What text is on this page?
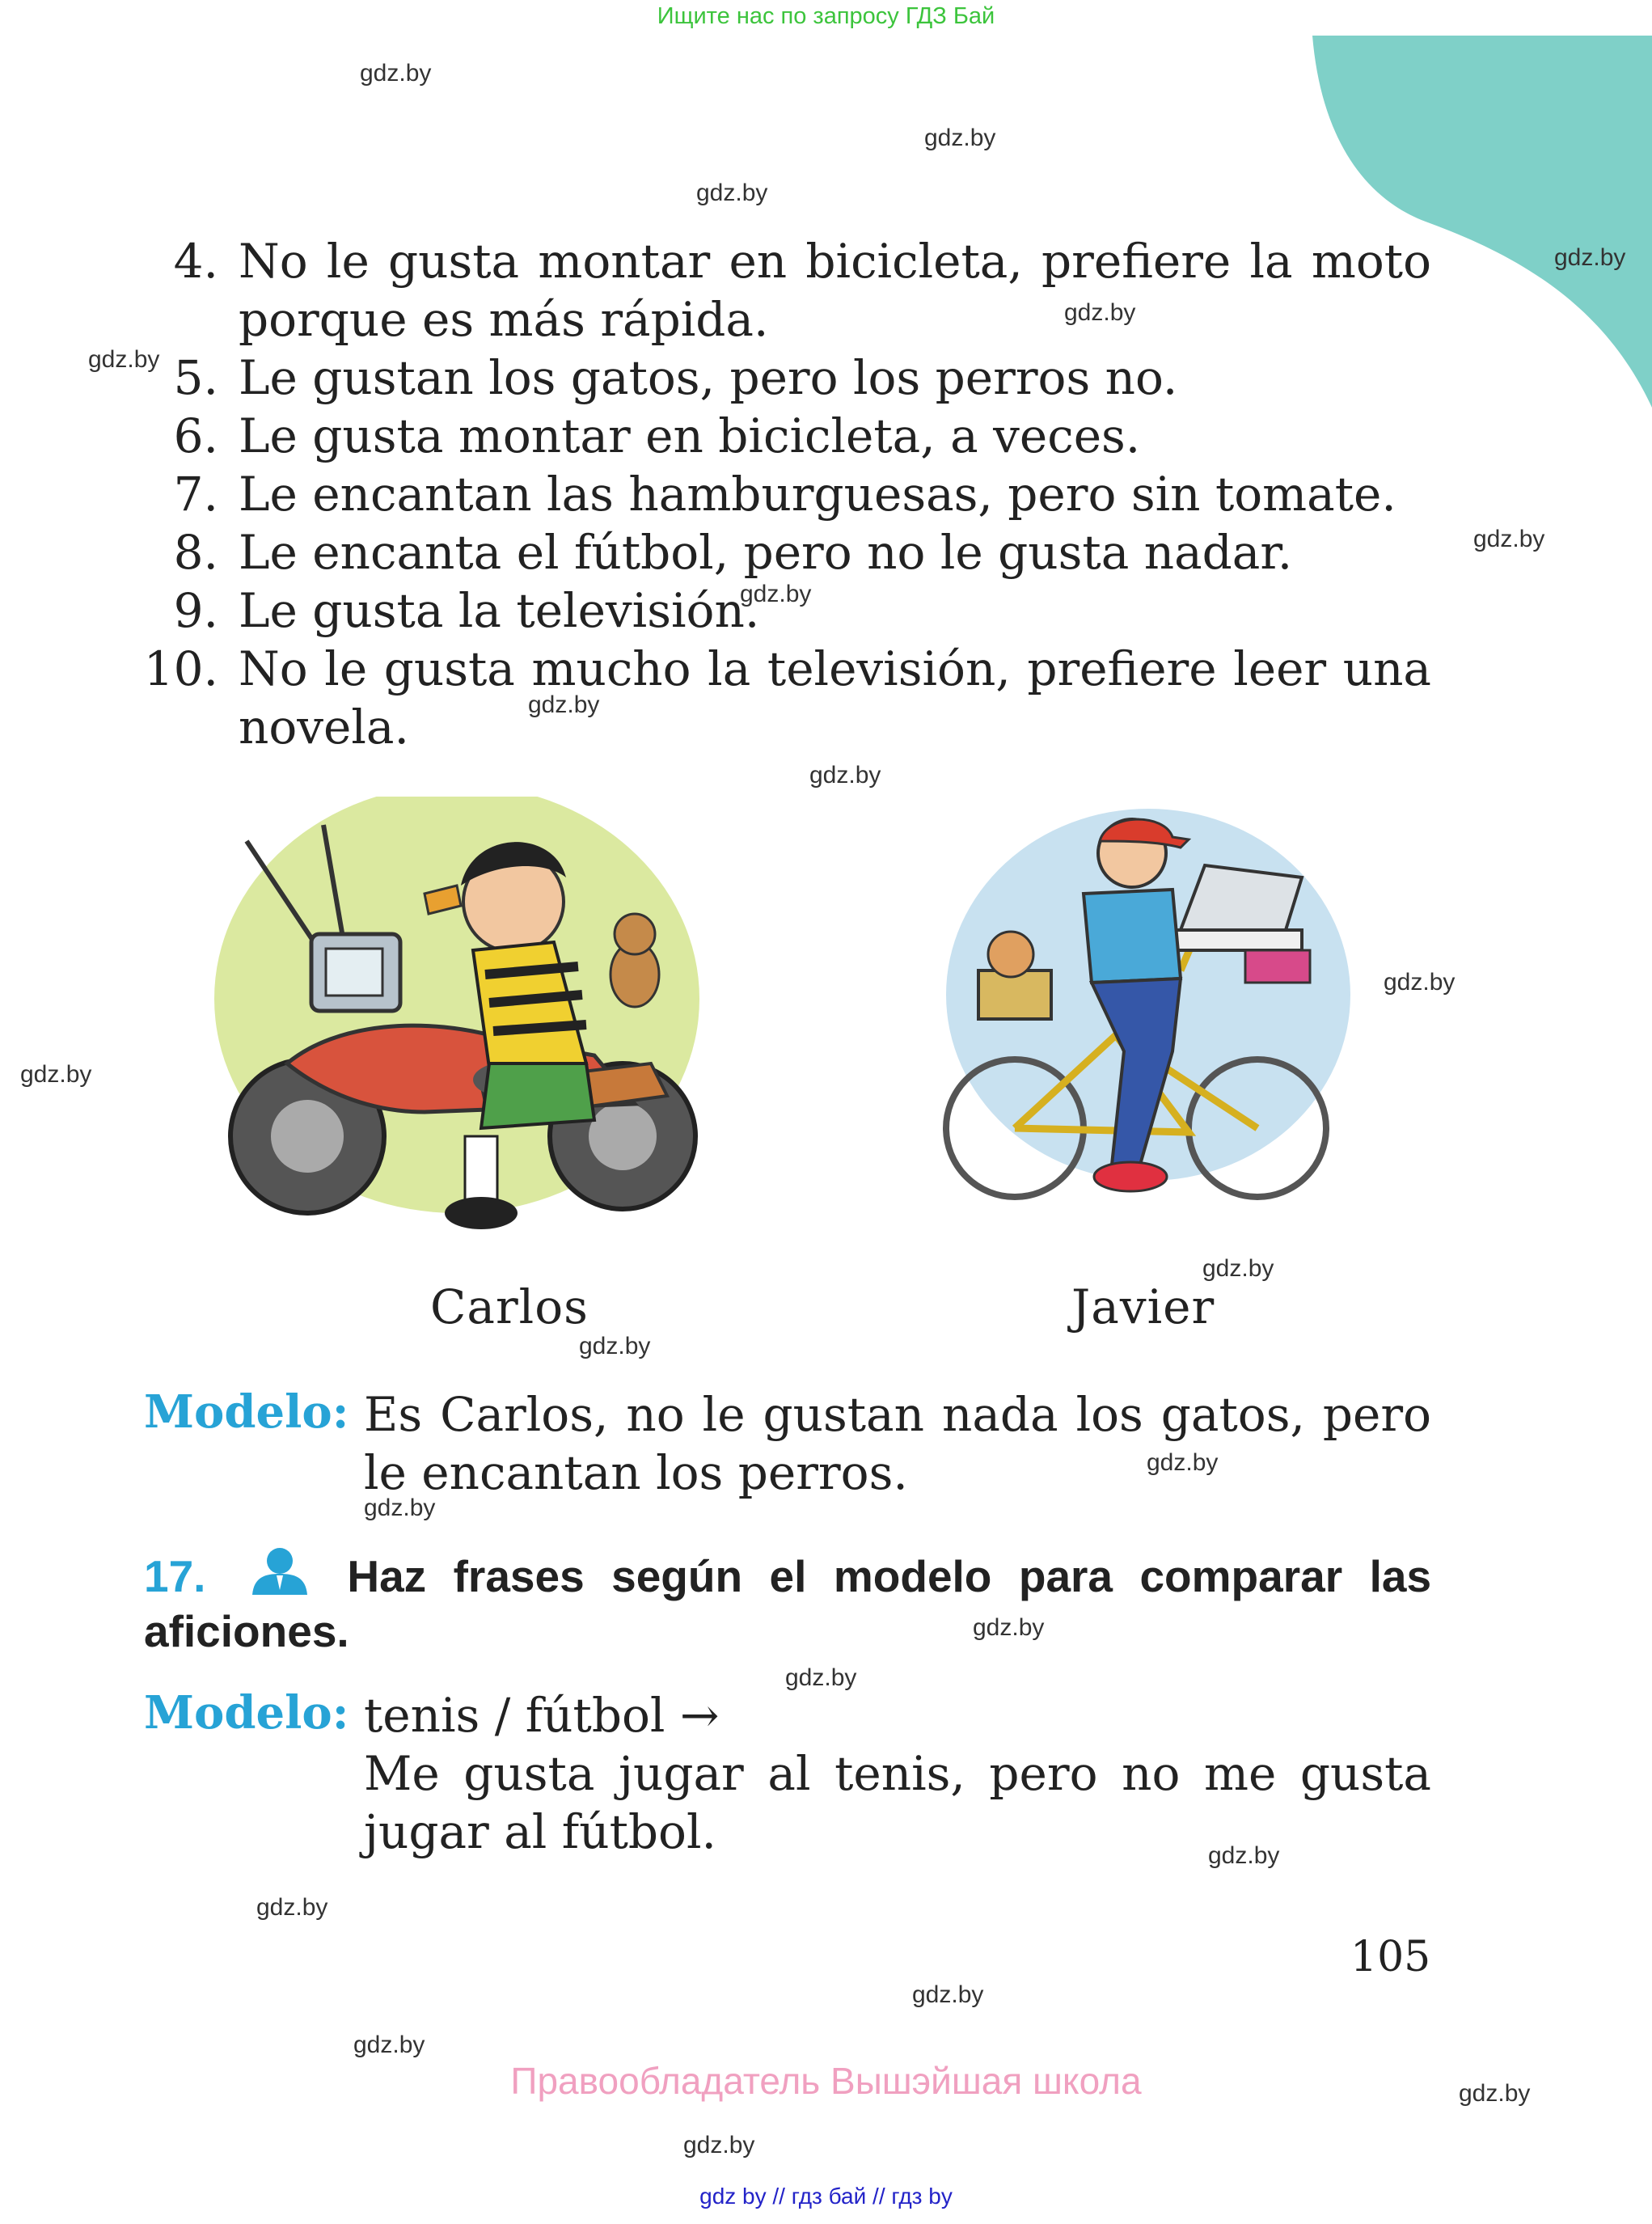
Ищите нас по запросу ГДЗ Бай
gdz.by
gdz.by
gdz.by
gdz.by
gdz.by
gdz.by
gdz.by
gdz.by
gdz.by
gdz.by
gdz.by
gdz.by
gdz.by
gdz.by
gdz.by
gdz.by
gdz.by
gdz.by
gdz.by
gdz.by
gdz.by
gdz.by
gdz.by
gdz.by
4. No le gusta montar en bicicleta, prefiere la moto porque es más rápida.
5. Le gustan los gatos, pero los perros no.
6. Le gusta montar en bicicleta, a veces.
7. Le encantan las hamburguesas, pero sin tomate.
8. Le encanta el fútbol, pero no le gusta nadar.
9. Le gusta la televisión.
10. No le gusta mucho la televisión, prefiere leer una novela.
Carlos	Javier
Modelo: Es Carlos, no le gustan nada los gatos, pero le encantan los perros.
17.	Haz frases según el modelo para comparar las aficiones.
Modelo: tenis / fútbol →
Me gusta jugar al tenis, pero no me gusta jugar al fútbol.
105
Правообладатель Вышэйшая школа
gdz by // гдз бай // гдз by
